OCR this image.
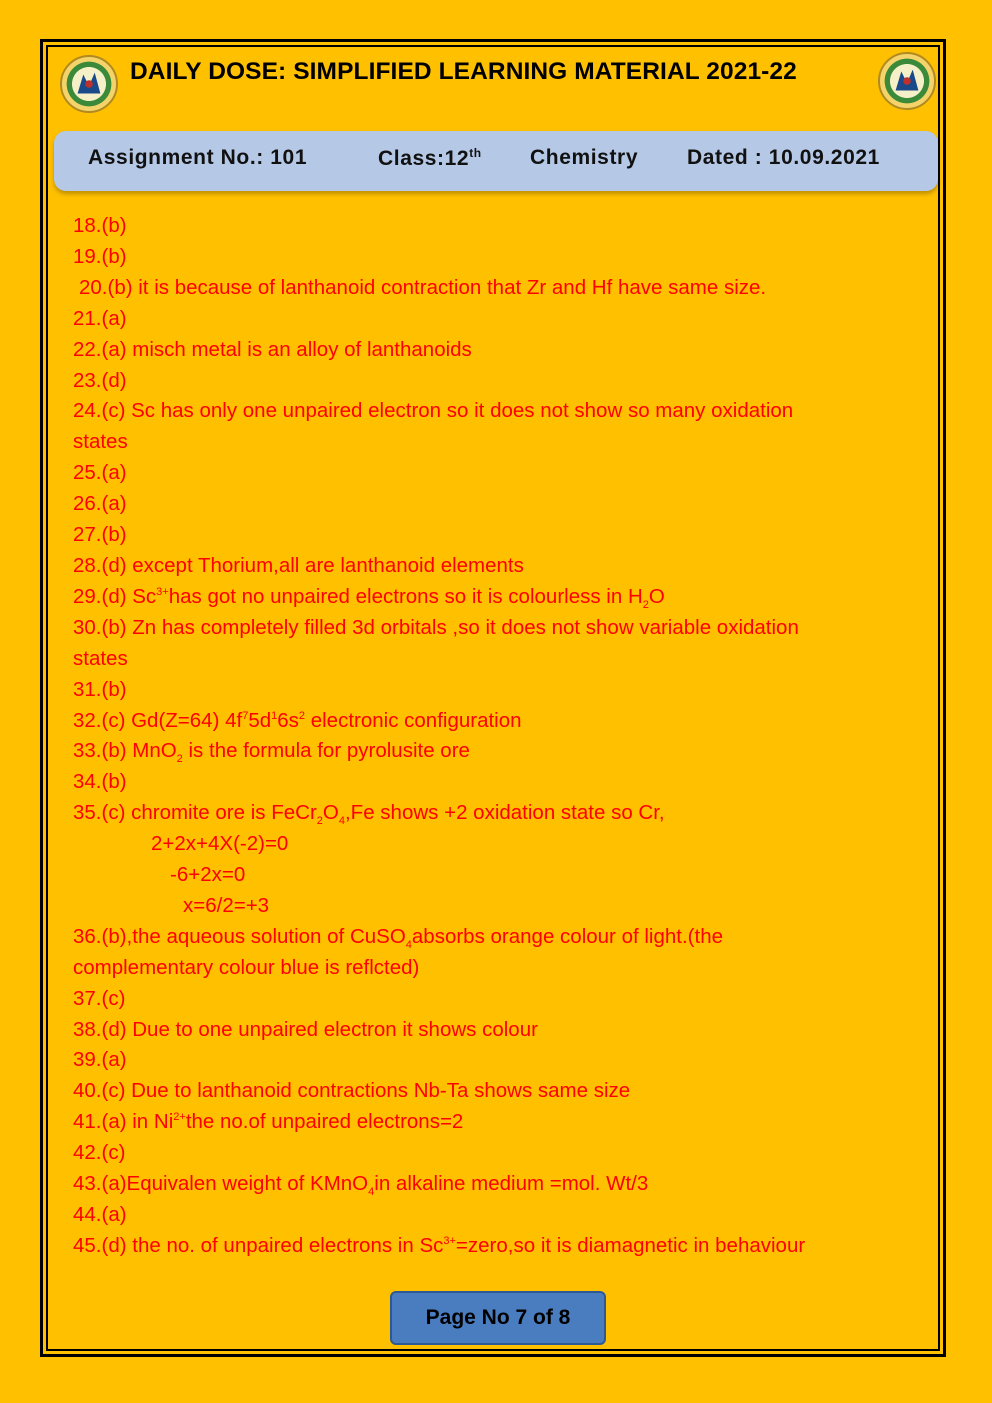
DAILY DOSE: SIMPLIFIED LEARNING MATERIAL 2021-22
Assignment No.: 101	Class:12th Chemistry Dated : 10.09.2021
18.(b)
19.(b)
20.(b) it is because of lanthanoid contraction that Zr and Hf have same size.
21.(a)
22.(a) misch metal is an alloy of lanthanoids
23.(d)
24.(c) Sc has only one unpaired electron so it does not show so many oxidation
states
25.(a)
26.(a)
27.(b)
28.(d) except Thorium,all are lanthanoid elements
29.(d) $Sc^{3+}has$ got no unpaired electrons so it is colourless in $H_2O$
30.(b) Zn has completely filled 3d orbitals ,so it does not show variable oxidation
states
31.(b)
32.(c) Gd(Z=64) $4f^75d^16s^2$ electronic configuration
33.(b) MnO$_2$ is the formula for pyrolusite ore
34.(b)
35.(c) chromite ore is $FeCr_2O_4,Fe$ shows +2 oxidation state so Cr,
2+2x+4X(-2)=0
-6+2x=0
x=6/2=+3
36.(b),the aqueous solution of CuSO$_4$absorbs orange colour of light.(the
complementary colour blue is reflcted)
37.(c)
38.(d) Due to one unpaired electron it shows colour
39.(a)
40.(c) Due to lanthanoid contractions Nb-Ta shows same size
41.(a) in $Ni^{2+}the$ no.of unpaired electrons=2
42.(c)
43.(a)Equivalen weight of KMnO$_4$in alkaline medium =mol. Wt/3
44.(a)
45.(d) the no. of unpaired electrons in $Sc^{3+}=zero,so$ it is diamagnetic in behaviour
Page No 7 of 8
